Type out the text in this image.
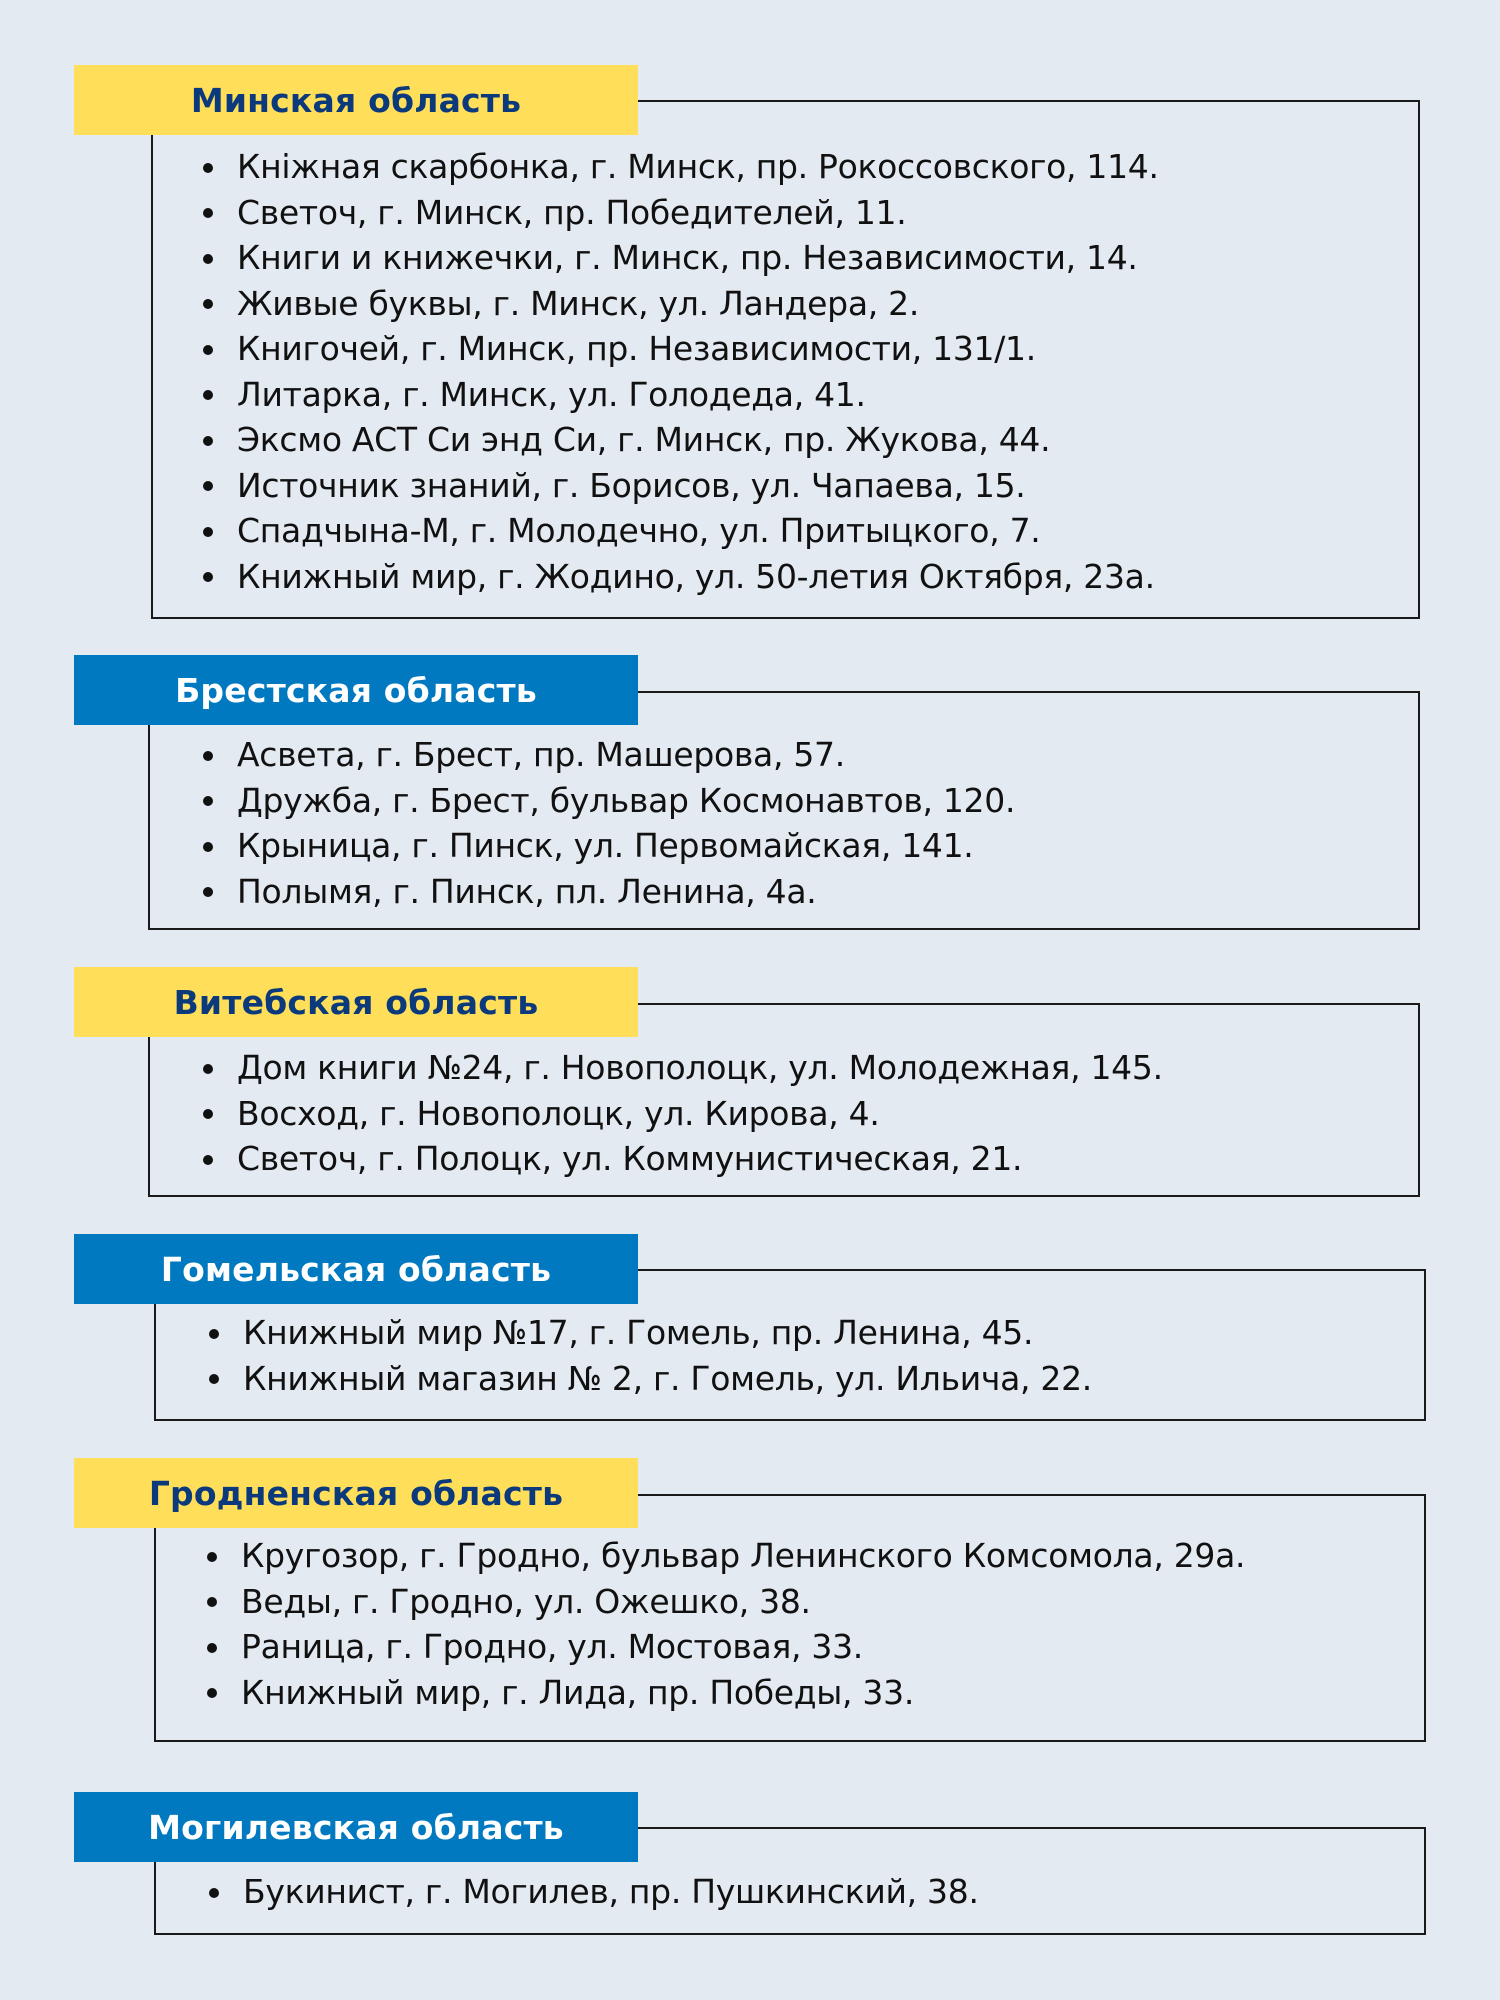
Минская область
Кніжная скарбонка, г. Минск, пр. Рокоссовского, 114.
Светоч, г. Минск, пр. Победителей, 11.
Книги и книжечки, г. Минск, пр. Независимости, 14.
Живые буквы, г. Минск, ул. Ландера, 2.
Книгочей, г. Минск, пр. Независимости, 131/1.
Литарка, г. Минск, ул. Голодеда, 41.
Эксмо АСТ Си энд Си, г. Минск, пр. Жукова, 44.
Источник знаний, г. Борисов, ул. Чапаева, 15.
Спадчына-М, г. Молодечно, ул. Притыцкого, 7.
Книжный мир, г. Жодино, ул. 50-летия Октября, 23а.
Брестская область
Асвета, г. Брест, пр. Машерова, 57.
Дружба, г. Брест, бульвар Космонавтов, 120.
Крыница, г. Пинск, ул. Первомайская, 141.
Полымя, г. Пинск, пл. Ленина, 4а.
Витебская область
Дом книги №24, г. Новополоцк, ул. Молодежная, 145.
Восход, г. Новополоцк, ул. Кирова, 4.
Светоч, г. Полоцк, ул. Коммунистическая, 21.
Гомельская область
Книжный мир №17, г. Гомель, пр. Ленина, 45.
Книжный магазин № 2, г. Гомель, ул. Ильича, 22.
Гродненская область
Кругозор, г. Гродно, бульвар Ленинского Комсомола, 29а.
Веды, г. Гродно, ул. Ожешко, 38.
Раница, г. Гродно, ул. Мостовая, 33.
Книжный мир, г. Лида, пр. Победы, 33.
Могилевская область
Букинист, г. Могилев, пр. Пушкинский, 38.
